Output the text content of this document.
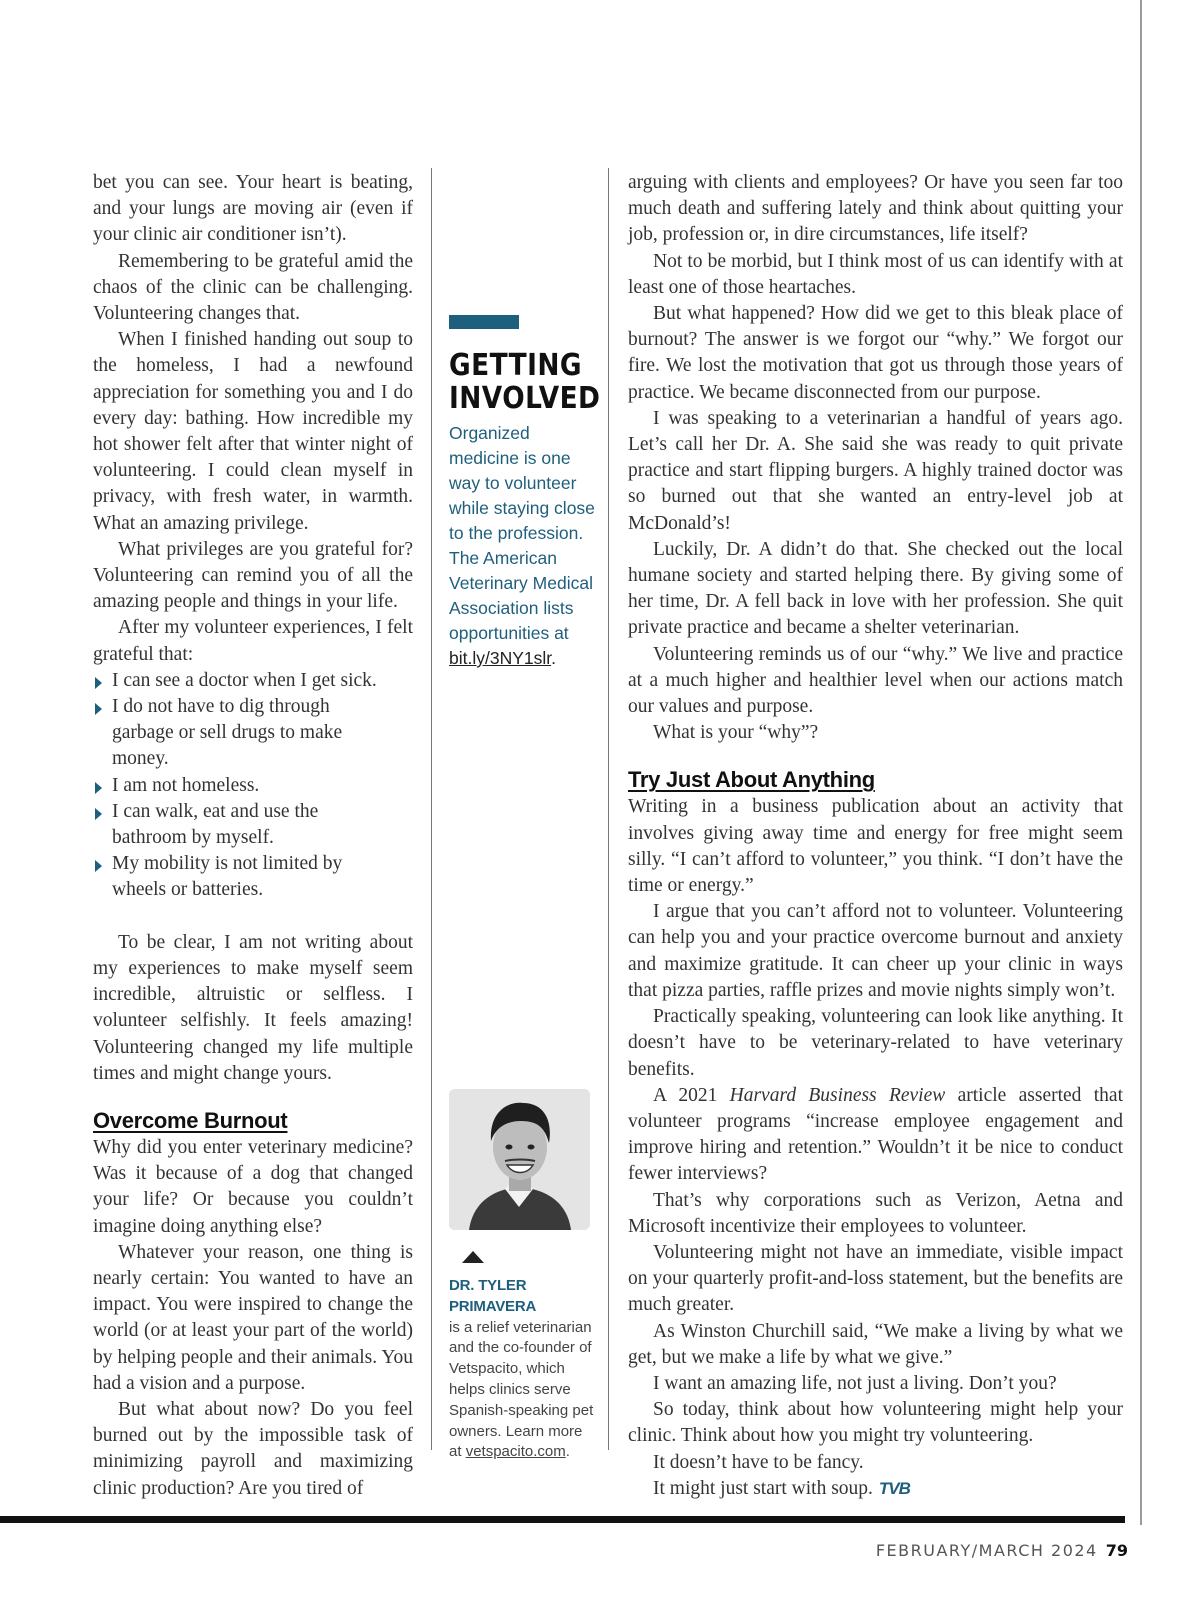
bet you can see. Your heart is beating, and your lungs are moving air (even if your clinic air conditioner isn’t).

Remembering to be grateful amid the chaos of the clinic can be challenging. Volunteering changes that.

When I finished handing out soup to the homeless, I had a newfound appreciation for something you and I do every day: bathing. How incredible my hot shower felt after that winter night of volunteering. I could clean myself in privacy, with fresh water, in warmth. What an amazing privilege.

What privileges are you grateful for? Volunteering can remind you of all the amazing people and things in your life.

After my volunteer experiences, I felt grateful that:

I can see a doctor when I get sick.
I do not have to dig through garbage or sell drugs to make money.
I am not homeless.
I can walk, eat and use the bathroom by myself.
My mobility is not limited by wheels or batteries.

To be clear, I am not writing about my experiences to make myself seem incredible, altruistic or selfless. I volunteer selfishly. It feels amazing! Volunteering changed my life multiple times and might change yours.

Overcome Burnout

Why did you enter veterinary medicine? Was it because of a dog that changed your life? Or because you couldn’t imagine doing anything else?

Whatever your reason, one thing is nearly certain: You wanted to have an impact. You were inspired to change the world (or at least your part of the world) by helping people and their animals. You had a vision and a purpose.

But what about now? Do you feel burned out by the impossible task of minimizing payroll and maximizing clinic production? Are you tired of

GETTING
INVOLVED
Organized medicine is one way to volunteer while staying close to the profession. The American Veterinary Medical Association lists opportunities at bit.ly/3NY1slr.
DR. TYLER PRIMAVERA
is a relief veterinarian and the co-founder of Vetspacito, which helps clinics serve Spanish-speaking pet owners. Learn more at vetspacito.com.

arguing with clients and employees? Or have you seen far too much death and suffering lately and think about quitting your job, profession or, in dire circumstances, life itself?

Not to be morbid, but I think most of us can identify with at least one of those heartaches.

But what happened? How did we get to this bleak place of burnout? The answer is we forgot our “why.” We forgot our fire. We lost the motivation that got us through those years of practice. We became disconnected from our purpose.

I was speaking to a veterinarian a handful of years ago. Let’s call her Dr. A. She said she was ready to quit private practice and start flipping burgers. A highly trained doctor was so burned out that she wanted an entry-level job at McDonald’s!

Luckily, Dr. A didn’t do that. She checked out the local humane society and started helping there. By giving some of her time, Dr. A fell back in love with her profession. She quit private practice and became a shelter veterinarian.

Volunteering reminds us of our “why.” We live and practice at a much higher and healthier level when our actions match our values and purpose.

What is your “why”?

Try Just About Anything

Writing in a business publication about an activity that involves giving away time and energy for free might seem silly. “I can’t afford to volunteer,” you think. “I don’t have the time or energy.”

I argue that you can’t afford not to volunteer. Volunteering can help you and your practice overcome burnout and anxiety and maximize gratitude. It can cheer up your clinic in ways that pizza parties, raffle prizes and movie nights simply won’t.

Practically speaking, volunteering can look like anything. It doesn’t have to be veterinary-related to have veterinary benefits.

A 2021 Harvard Business Review article asserted that volunteer programs “increase employee engagement and improve hiring and retention.” Wouldn’t it be nice to conduct fewer interviews?

That’s why corporations such as Verizon, Aetna and Microsoft incentivize their employees to volunteer.

Volunteering might not have an immediate, visible impact on your quarterly profit-and-loss statement, but the benefits are much greater.

As Winston Churchill said, “We make a living by what we get, but we make a life by what we give.”

I want an amazing life, not just a living. Don’t you?

So today, think about how volunteering might help your clinic. Think about how you might try volunteering.

It doesn’t have to be fancy.

It might just start with soup. TVB

FEBRUARY/MARCH 2024 79
